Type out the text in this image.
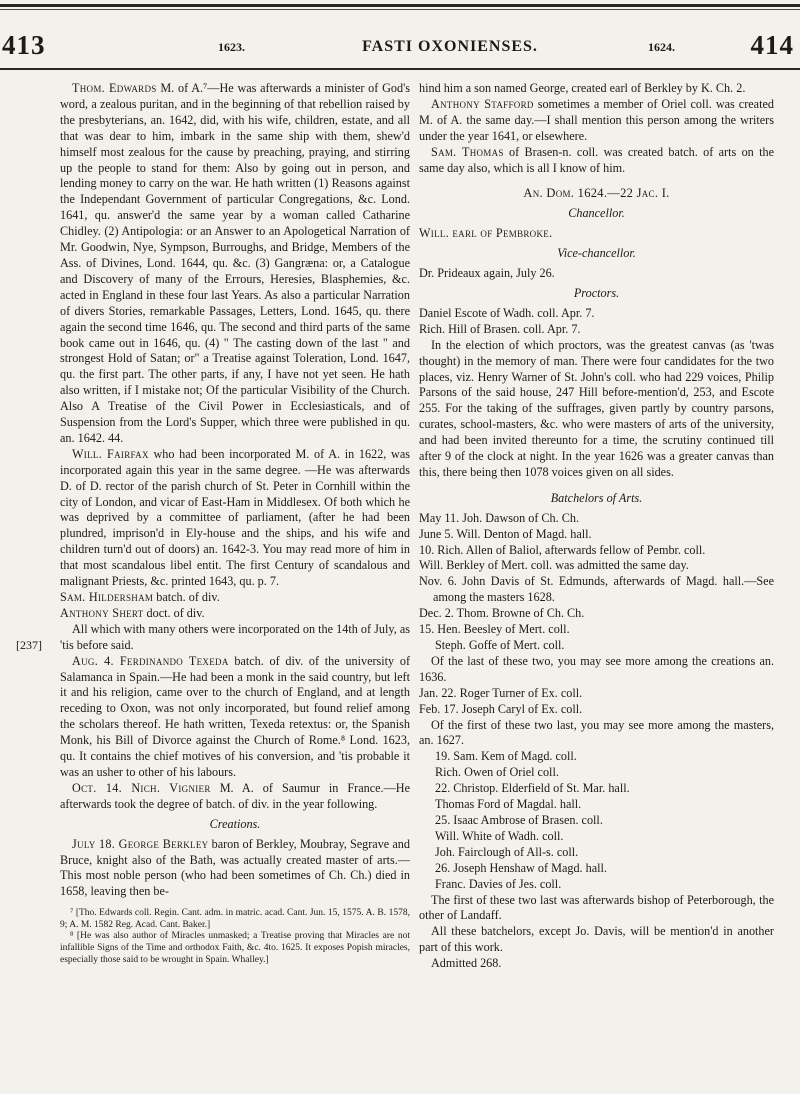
413	1623.	FASTI OXONIENSES.	1624.	414
[237]

Thom. Edwards M. of A.⁷—He was afterwards a minister of God's word, a zealous puritan, and in the beginning of that rebellion raised by the presbyterians, an. 1642, did, with his wife, children, estate, and all that was dear to him, imbark in the same ship with them, shew'd himself most zealous for the cause by preaching, praying, and stirring up the people to stand for them: Also by going out in person, and lending money to carry on the war. He hath written (1) Reasons against the Independant Government of particular Congregations, &c. Lond. 1641, qu. answer'd the same year by a woman called Catharine Chidley. (2) Antipologia: or an Answer to an Apologetical Narration of Mr. Goodwin, Nye, Sympson, Burroughs, and Bridge, Members of the Ass. of Divines, Lond. 1644, qu. &c. (3) Gangræna: or, a Catalogue and Discovery of many of the Errours, Heresies, Blasphemies, &c. acted in England in these four last Years. As also a particular Narration of divers Stories, remarkable Passages, Letters, Lond. 1645, qu. there again the second time 1646, qu. The second and third parts of the same book came out in 1646, qu. (4) " The casting down of the last " and strongest Hold of Satan; or" a Treatise against Toleration, Lond. 1647, qu. the first part. The other parts, if any, I have not yet seen. He hath also written, if I mistake not; Of the particular Visibility of the Church. Also A Treatise of the Civil Power in Ecclesiasticals, and of Suspension from the Lord's Supper, which three were published in qu. an. 1642. 44.

Will. Fairfax who had been incorporated M. of A. in 1622, was incorporated again this year in the same degree. —He was afterwards D. of D. rector of the parish church of St. Peter in Cornhill within the city of London, and vicar of East-Ham in Middlesex. Of both which he was deprived by a committee of parliament, (after he had been plundred, imprison'd in Ely-house and the ships, and his wife and children turn'd out of doors) an. 1642-3. You may read more of him in that most scandalous libel entit. The first Century of scandalous and malignant Priests, &c. printed 1643, qu. p. 7.

Sam. Hildersham batch. of div.

Anthony Shert doct. of div.

All which with many others were incorporated on the 14th of July, as 'tis before said.

Aug. 4. Ferdinando Texeda batch. of div. of the university of Salamanca in Spain.—He had been a monk in the said country, but left it and his religion, came over to the church of England, and at length receding to Oxon, was not only incorporated, but found relief among the scholars thereof. He hath written, Texeda retextus: or, the Spanish Monk, his Bill of Divorce against the Church of Rome.⁸ Lond. 1623, qu. It contains the chief motives of his conversion, and 'tis probable it was an usher to other of his labours.

Oct. 14. Nich. Vignier M. A. of Saumur in France.—He afterwards took the degree of batch. of div. in the year following.

Creations.

July 18. George Berkley baron of Berkley, Moubray, Segrave and Bruce, knight also of the Bath, was actually created master of arts.—This most noble person (who had been sometimes of Ch. Ch.) died in 1658, leaving then be-

⁷ [Tho. Edwards coll. Regin. Cant. adm. in matric. acad. Cant. Jun. 15, 1575. A. B. 1578, 9; A. M. 1582 Reg. Acad. Cant. Baker.]

⁸ [He was also author of Miracles unmasked; a Treatise proving that Miracles are not infallible Signs of the Time and orthodox Faith, &c. 4to. 1625. It exposes Popish miracles, especially those said to be wrought in Spain. Whalley.]

hind him a son named George, created earl of Berkley by K. Ch. 2.

Anthony Stafford sometimes a member of Oriel coll. was created M. of A. the same day.—I shall mention this person among the writers under the year 1641, or elsewhere.

Sam. Thomas of Brasen-n. coll. was created batch. of arts on the same day also, which is all I know of him.

An. Dom. 1624.—22 Jac. I.

Chancellor.

Will. earl of Pembroke.

Vice-chancellor.

Dr. Prideaux again, July 26.

Proctors.

Daniel Escote of Wadh. coll. Apr. 7.

Rich. Hill of Brasen. coll. Apr. 7.

In the election of which proctors, was the greatest canvas (as 'twas thought) in the memory of man. There were four candidates for the two places, viz. Henry Warner of St. John's coll. who had 229 voices, Philip Parsons of the said house, 247 Hill before-mention'd, 253, and Escote 255. For the taking of the suffrages, given partly by country parsons, curates, school-masters, &c. who were masters of arts of the university, and had been invited thereunto for a time, the scrutiny continued till after 9 of the clock at night. In the year 1626 was a greater canvas than this, there being then 1078 voices given on all sides.

Batchelors of Arts.

May 11. Joh. Dawson of Ch. Ch.

June 5. Will. Denton of Magd. hall.

10. Rich. Allen of Baliol, afterwards fellow of Pembr. coll.

Will. Berkley of Mert. coll. was admitted the same day.

Nov. 6. John Davis of St. Edmunds, afterwards of Magd. hall.—See among the masters 1628.

Dec. 2. Thom. Browne of Ch. Ch.

15. Hen. Beesley of Mert. coll.

Steph. Goffe of Mert. coll.

Of the last of these two, you may see more among the creations an. 1636.

Jan. 22. Roger Turner of Ex. coll.

Feb. 17. Joseph Caryl of Ex. coll.

Of the first of these two last, you may see more among the masters, an. 1627.

19. Sam. Kem of Magd. coll.

Rich. Owen of Oriel coll.

22. Christop. Elderfield of St. Mar. hall.

Thomas Ford of Magdal. hall.

25. Isaac Ambrose of Brasen. coll.

Will. White of Wadh. coll.

Joh. Fairclough of All-s. coll.

26. Joseph Henshaw of Magd. hall.

Franc. Davies of Jes. coll.

The first of these two last was afterwards bishop of Peterborough, the other of Landaff.

All these batchelors, except Jo. Davis, will be mention'd in another part of this work.

Admitted 268.
